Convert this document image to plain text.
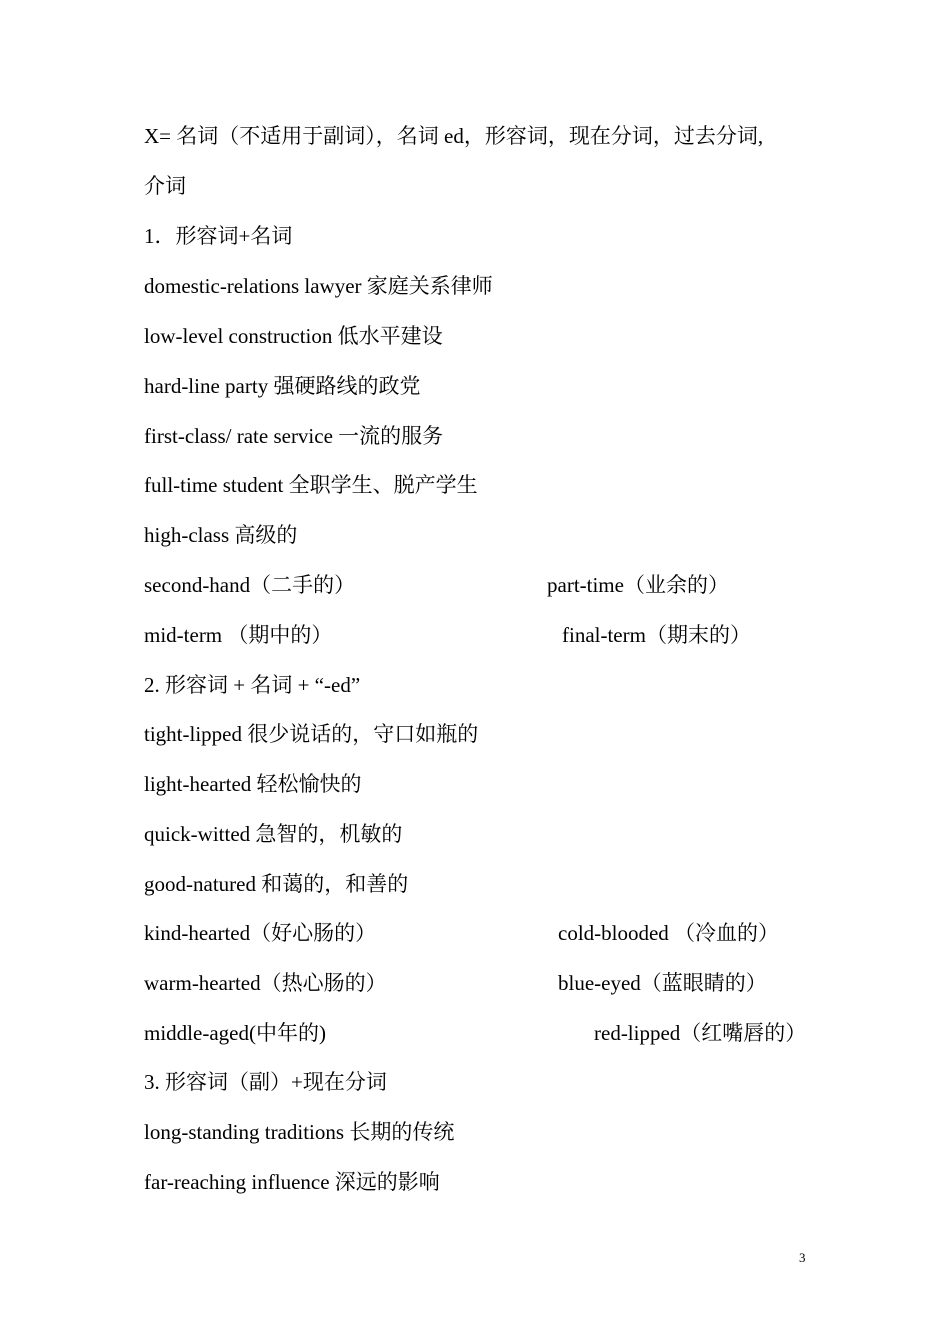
X= 名词（不适用于副词），名词 ed，形容词，现在分词，过去分词,
介词
1．形容词+名词
domestic-relations lawyer 家庭关系律师
low-level construction 低水平建设
hard-line party 强硬路线的政党
first-class/ rate service 一流的服务
full-time student 全职学生、脱产学生
high-class 高级的
second-hand（二手的）	part-time（业余的）
mid-term （期中的）	final-term（期末的）
2. 形容词 + 名词 + “-ed”
tight-lipped 很少说话的，守口如瓶的
light-hearted 轻松愉快的
quick-witted 急智的，机敏的
good-natured 和蔼的，和善的
kind-hearted（好心肠的）	cold-blooded （冷血的）
warm-hearted（热心肠的）	blue-eyed（蓝眼睛的）
middle-aged(中年的)	red-lipped（红嘴唇的）
3. 形容词（副）+现在分词
long-standing traditions 长期的传统
far-reaching influence 深远的影响
3
